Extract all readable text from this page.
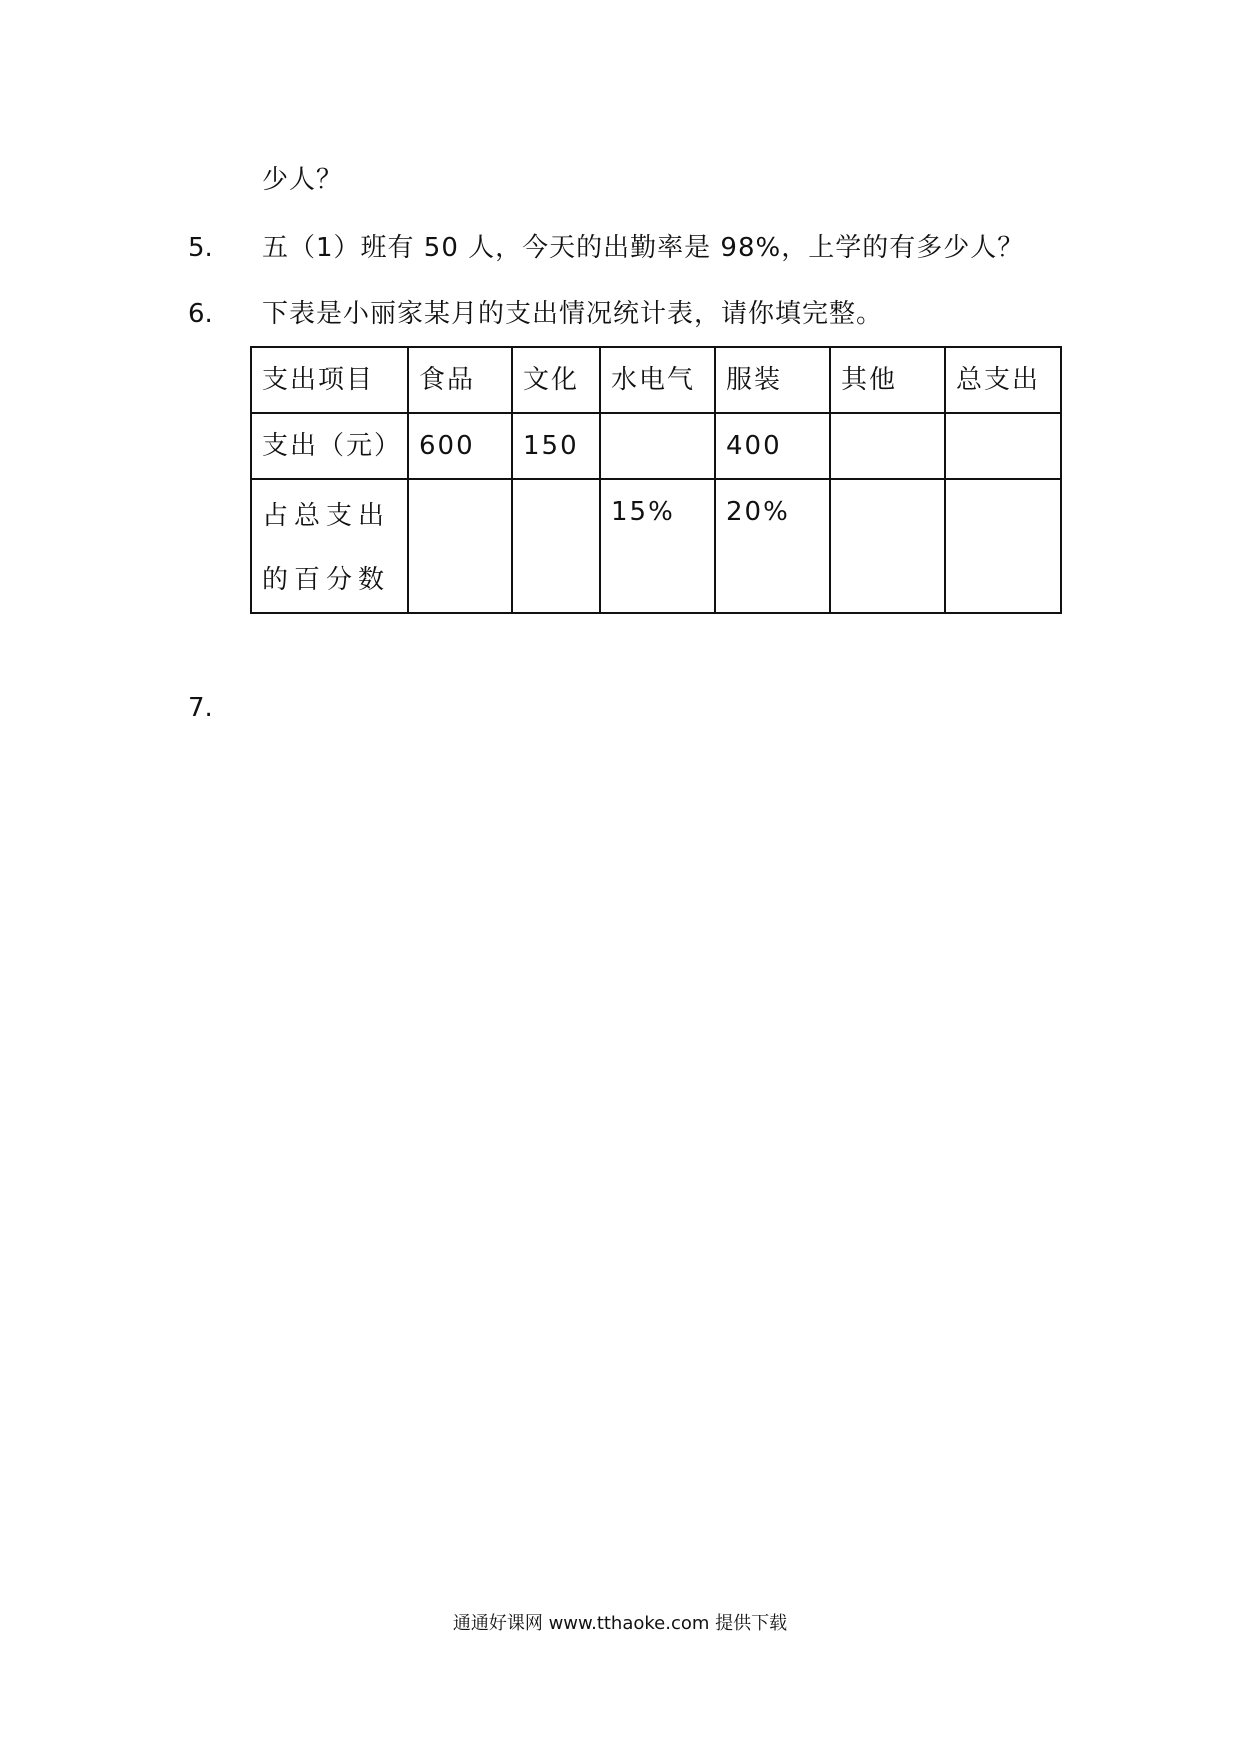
少人？
5. 五（1）班有 50 人，今天的出勤率是 98%，上学的有多少人？
6. 下表是小丽家某月的支出情况统计表，请你填完整。
支出项目	食品	文化	水电气	服装	其他	总支出
支出（元）	600	150		400		
占总支出的百分数			15%	20%		
7.
通通好课网 www.tthaoke.com 提供下载
